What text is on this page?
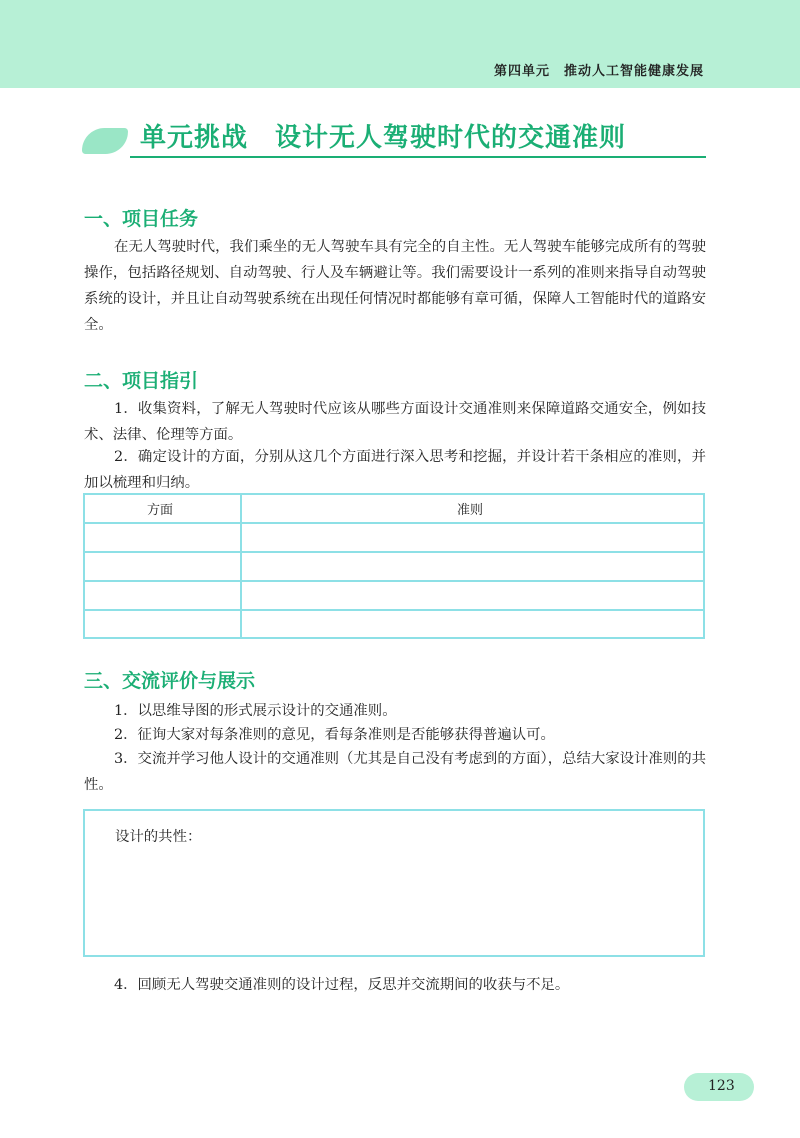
第四单元　推动人工智能健康发展
单元挑战　设计无人驾驶时代的交通准则
一、项目任务
在无人驾驶时代，我们乘坐的无人驾驶车具有完全的自主性。无人驾驶车能够完成所有的驾驶操作，包括路径规划、自动驾驶、行人及车辆避让等。我们需要设计一系列的准则来指导自动驾驶系统的设计，并且让自动驾驶系统在出现任何情况时都能够有章可循，保障人工智能时代的道路安全。
二、项目指引
1．收集资料，了解无人驾驶时代应该从哪些方面设计交通准则来保障道路交通安全，例如技术、法律、伦理等方面。
2．确定设计的方面，分别从这几个方面进行深入思考和挖掘，并设计若干条相应的准则，并加以梳理和归纳。
方面	准则
三、交流评价与展示
1．以思维导图的形式展示设计的交通准则。
2．征询大家对每条准则的意见，看每条准则是否能够获得普遍认可。
3．交流并学习他人设计的交通准则（尤其是自己没有考虑到的方面），总结大家设计准则的共性。
设计的共性：
4．回顾无人驾驶交通准则的设计过程，反思并交流期间的收获与不足。
123
